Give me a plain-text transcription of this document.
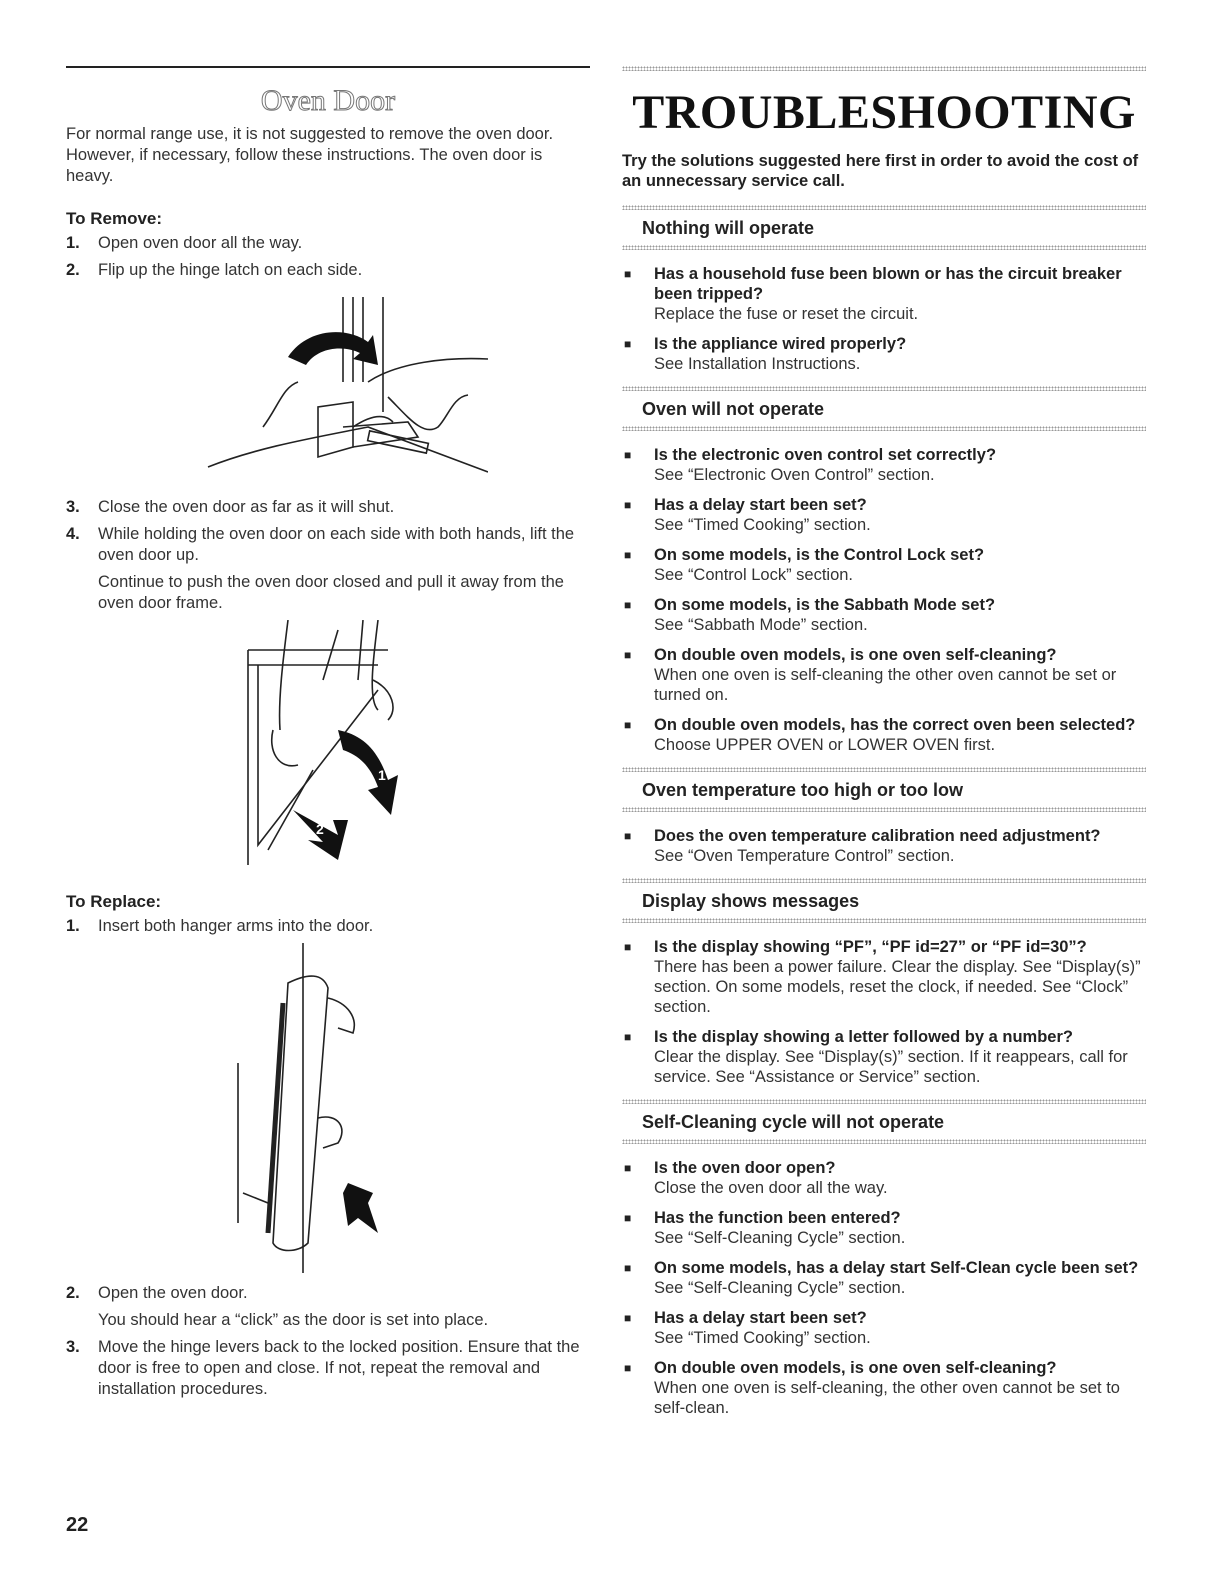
Oven Door

For normal range use, it is not suggested to remove the oven door. However, if necessary, follow these instructions. The oven door is heavy.

To Remove:
1. Open oven door all the way.
2. Flip up the hinge latch on each side.
3. Close the oven door as far as it will shut.
4. While holding the oven door on each side with both hands, lift the oven door up.
Continue to push the oven door closed and pull it away from the oven door frame.
1
2
To Replace:
1. Insert both hanger arms into the door.
2. Open the oven door.
You should hear a “click” as the door is set into place.
3. Move the hinge levers back to the locked position. Ensure that the door is free to open and close. If not, repeat the removal and installation procedures.
TROUBLESHOOTING
Try the solutions suggested here first in order to avoid the cost of an unnecessary service call.
Nothing will operate
■ Has a household fuse been blown or has the circuit breaker been tripped?
Replace the fuse or reset the circuit.
■ Is the appliance wired properly?
See Installation Instructions.
Oven will not operate
■ Is the electronic oven control set correctly?
See “Electronic Oven Control” section.
■ Has a delay start been set?
See “Timed Cooking” section.
■ On some models, is the Control Lock set?
See “Control Lock” section.
■ On some models, is the Sabbath Mode set?
See “Sabbath Mode” section.
■ On double oven models, is one oven self-cleaning?
When one oven is self-cleaning the other oven cannot be set or turned on.
■ On double oven models, has the correct oven been selected?
Choose UPPER OVEN or LOWER OVEN first.
Oven temperature too high or too low
■ Does the oven temperature calibration need adjustment?
See “Oven Temperature Control” section.
Display shows messages
■ Is the display showing “PF”, “PF id=27” or “PF id=30”?
There has been a power failure. Clear the display. See “Display(s)” section. On some models, reset the clock, if needed. See “Clock” section.
■ Is the display showing a letter followed by a number?
Clear the display. See “Display(s)” section. If it reappears, call for service. See “Assistance or Service” section.
Self-Cleaning cycle will not operate
■ Is the oven door open?
Close the oven door all the way.
■ Has the function been entered?
See “Self-Cleaning Cycle” section.
■ On some models, has a delay start Self-Clean cycle been set?
See “Self-Cleaning Cycle” section.
■ Has a delay start been set?
See “Timed Cooking” section.
■ On double oven models, is one oven self-cleaning?
When one oven is self-cleaning, the other oven cannot be set to self-clean.
22
